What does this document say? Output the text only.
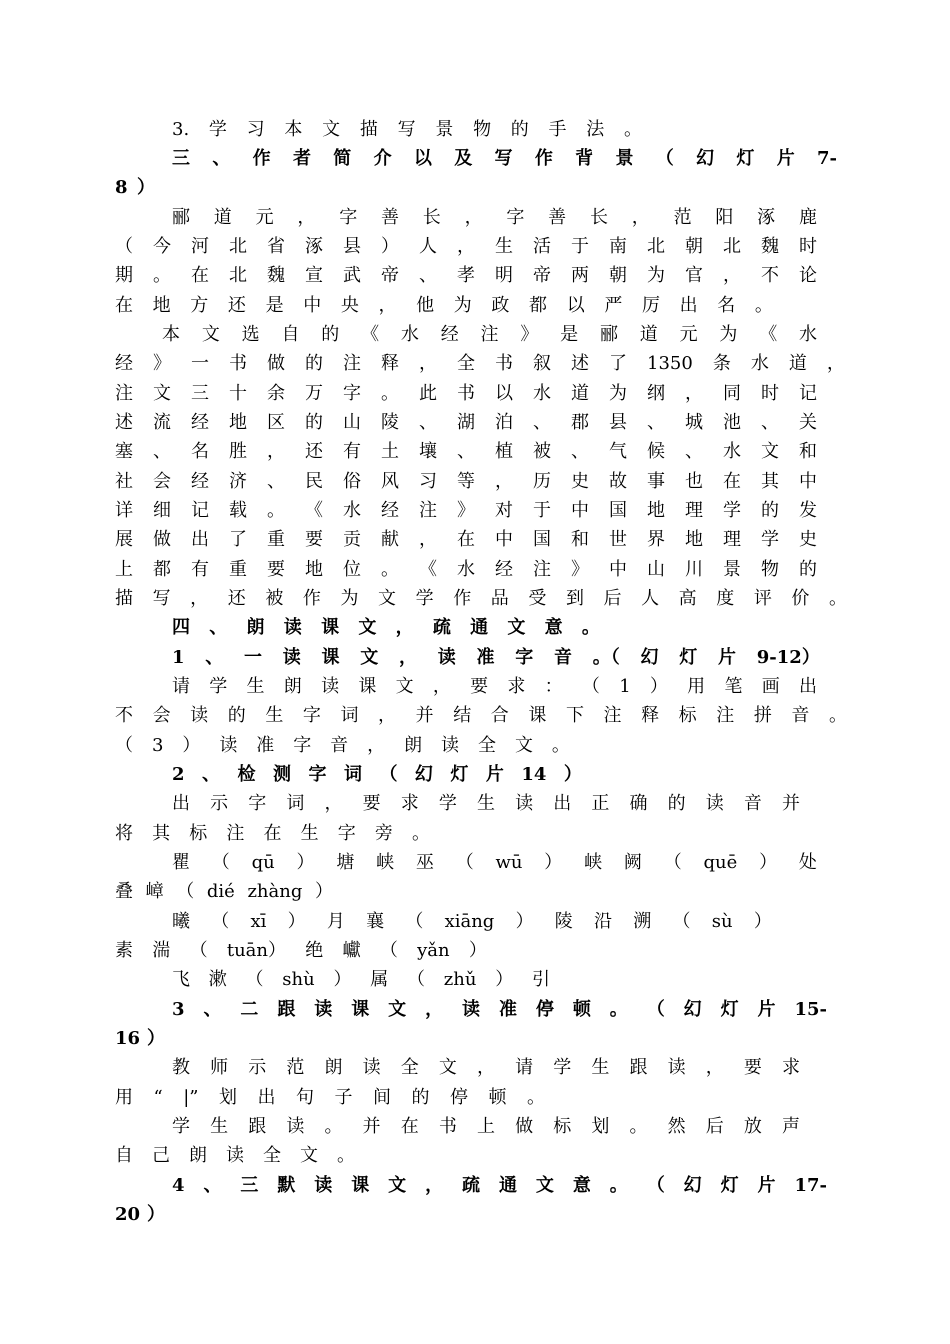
3. 学 习 本 文 描 写 景 物 的 手 法 。
三 、 作 者 简 介 以 及 写 作 背 景 （ 幻 灯 片 7-
8 ）
郦 道 元 ， 字 善 长 ， 字 善 长 ， 范 阳 涿 鹿
（ 今 河 北 省 涿 县 ） 人 ， 生 活 于 南 北 朝 北 魏 时
期 。 在 北 魏 宣 武 帝 、 孝 明 帝 两 朝 为 官 ， 不 论
在 地 方 还 是 中 央 ， 他 为 政 都 以 严 厉 出 名 。
本 文 选 自 的 《 水 经 注 》 是 郦 道 元 为 《 水
经 》 一 书 做 的 注 释 ， 全 书 叙 述 了 1350 条 水 道 ，
注 文 三 十 余 万 字 。 此 书 以 水 道 为 纲 ， 同 时 记
述 流 经 地 区 的 山 陵 、 湖 泊 、 郡 县 、 城 池 、 关
塞 、 名 胜 ， 还 有 土 壤 、 植 被 、 气 候 、 水 文 和
社 会 经 济 、 民 俗 风 习 等 ， 历 史 故 事 也 在 其 中
详 细 记 载 。 《 水 经 注 》 对 于 中 国 地 理 学 的 发
展 做 出 了 重 要 贡 献 ， 在 中 国 和 世 界 地 理 学 史
上 都 有 重 要 地 位 。 《 水 经 注 》 中 山 川 景 物 的
描 写 ， 还 被 作 为 文 学 作 品 受 到 后 人 高 度 评 价 。
四 、 朗 读 课 文 ， 疏 通 文 意 。
1 、 一 读 课 文 ， 读 准 字 音 。（ 幻 灯 片 9-12）
请 学 生 朗 读 课 文 ， 要 求 ： （ 1 ） 用 笔 画 出
不 会 读 的 生 字 词 ， 并 结 合 课 下 注 释 标 注 拼 音 。
（ 3 ） 读 准 字 音 ， 朗 读 全 文 。
2 、 检 测 字 词 （ 幻 灯 片 14 ）
出 示 字 词 ， 要 求 学 生 读 出 正 确 的 读 音 并
将 其 标 注 在 生 字 旁 。
瞿 （ qū ） 塘 峡 巫 （ wū ） 峡 阙 （ quē ） 处
叠 嶂 （ dié zhàng ）
曦 （ xī ） 月 襄 （ xiāng ） 陵 沿 溯 （ sù ）
素 湍 （ tuān） 绝 巘 （ yǎn ）
飞 漱 （ shù ） 属 （ zhǔ ） 引
3 、 二 跟 读 课 文 ， 读 准 停 顿 。 （ 幻 灯 片 15-
16 ）
教 师 示 范 朗 读 全 文 ， 请 学 生 跟 读 ， 要 求
用 “ |” 划 出 句 子 间 的 停 顿 。
学 生 跟 读 。 并 在 书 上 做 标 划 。 然 后 放 声
自 己 朗 读 全 文 。
4 、 三 默 读 课 文 ， 疏 通 文 意 。 （ 幻 灯 片 17-
20 ）
